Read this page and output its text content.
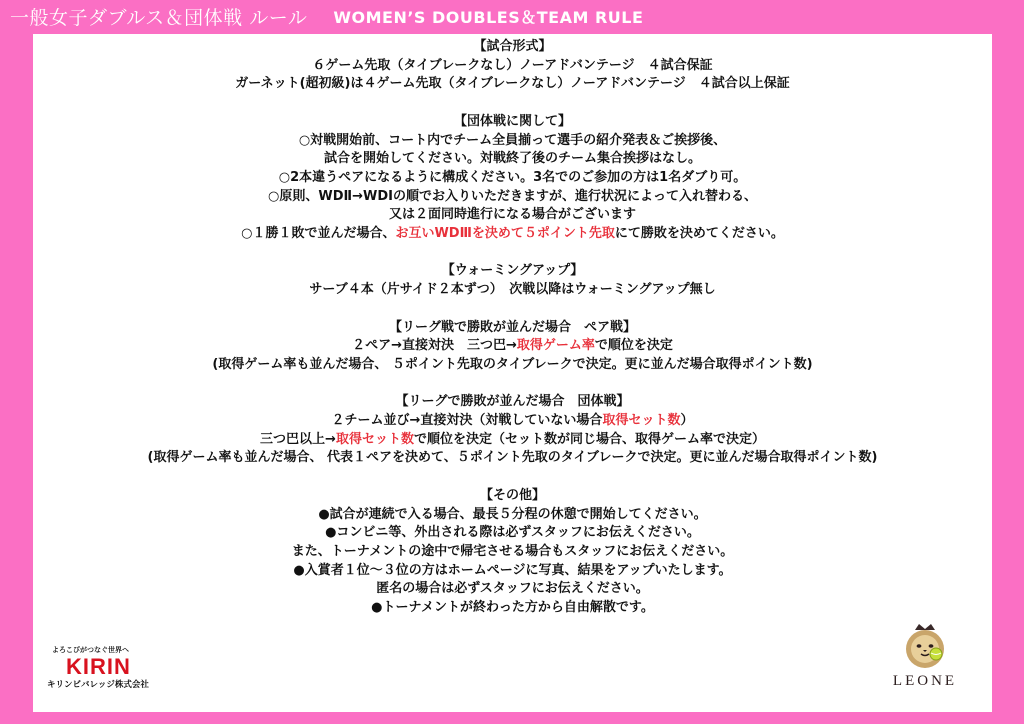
一般女子ダブルス＆団体戦 ルール WOMEN’S DOUBLES＆TEAM RULE
【試合形式】
６ゲーム先取（タイブレークなし）ノーアドバンテージ　４試合保証
ガーネット(超初級)は４ゲーム先取（タイブレークなし）ノーアドバンテージ　４試合以上保証
【団体戦に関して】
○対戦開始前、コート内でチーム全員揃って選手の紹介発表＆ご挨拶後、
試合を開始してください。対戦終了後のチーム集合挨拶はなし。
○2本違うペアになるように構成ください。3名でのご参加の方は1名ダブり可。
○原則、WDⅡ→WDⅠの順でお入りいただきますが、進行状況によって入れ替わる、
又は２面同時進行になる場合がございます
○１勝１敗で並んだ場合、お互いWDⅢを決めて５ポイント先取にて勝敗を決めてください。
【ウォーミングアップ】
サーブ４本（片サイド２本ずつ）　次戦以降はウォーミングアップ無し
【リーグ戦で勝敗が並んだ場合　ペア戦】
２ペア→直接対決　三つ巴→取得ゲーム率で順位を決定
(取得ゲーム率も並んだ場合、 ５ポイント先取のタイブレークで決定。更に並んだ場合取得ポイント数)
【リーグで勝敗が並んだ場合　団体戦】
２チーム並び→直接対決（対戦していない場合取得セット数）
三つ巴以上→取得セット数で順位を決定（セット数が同じ場合、取得ゲーム率で決定）
(取得ゲーム率も並んだ場合、 代表１ペアを決めて、５ポイント先取のタイブレークで決定。更に並んだ場合取得ポイント数)
【その他】
●試合が連続で入る場合、最長５分程の休憩で開始してください。
●コンビニ等、外出される際は必ずスタッフにお伝えください。
また、トーナメントの途中で帰宅させる場合もスタッフにお伝えください。
●入賞者１位～３位の方はホームページに写真、結果をアップいたします。
匿名の場合は必ずスタッフにお伝えください。
●トーナメントが終わった方から自由解散です。
よろこびがつなぐ世界へ
KIRIN
キリンビバレッジ株式会社	LEONE
